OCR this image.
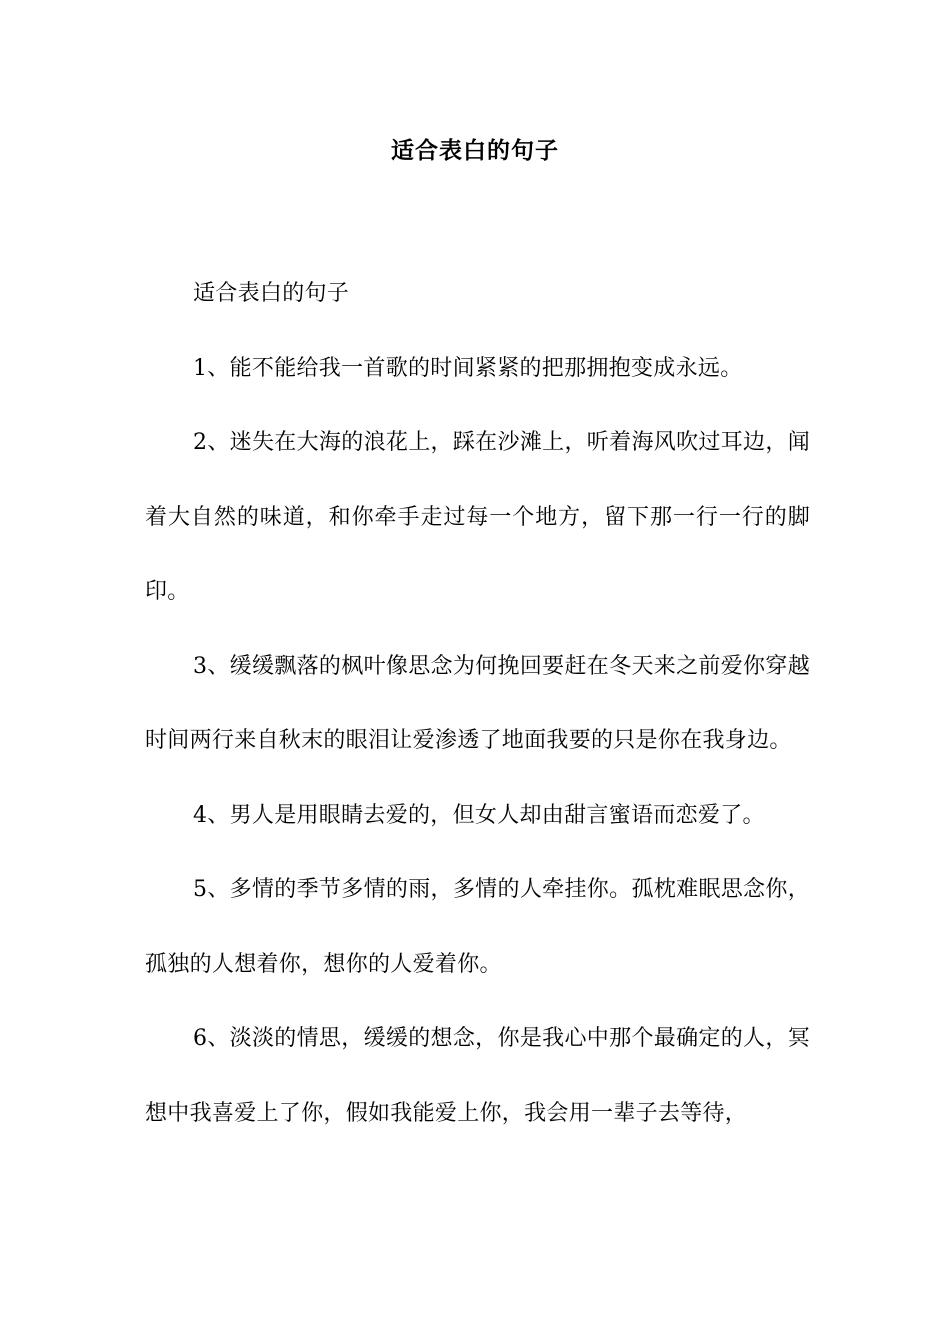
适合表白的句子

适合表白的句子

1、能不能给我一首歌的时间紧紧的把那拥抱变成永远。

2、迷失在大海的浪花上，踩在沙滩上，听着海风吹过耳边，闻着大自然的味道，和你牵手走过每一个地方，留下那一行一行的脚印。

3、缓缓飘落的枫叶像思念为何挽回要赶在冬天来之前爱你穿越时间两行来自秋末的眼泪让爱渗透了地面我要的只是你在我身边。

4、男人是用眼睛去爱的，但女人却由甜言蜜语而恋爱了。

5、多情的季节多情的雨，多情的人牵挂你。孤枕难眠思念你，孤独的人想着你，想你的人爱着你。

6、淡淡的情思，缓缓的想念，你是我心中那个最确定的人，冥想中我喜爱上了你，假如我能爱上你，我会用一辈子去等待，
